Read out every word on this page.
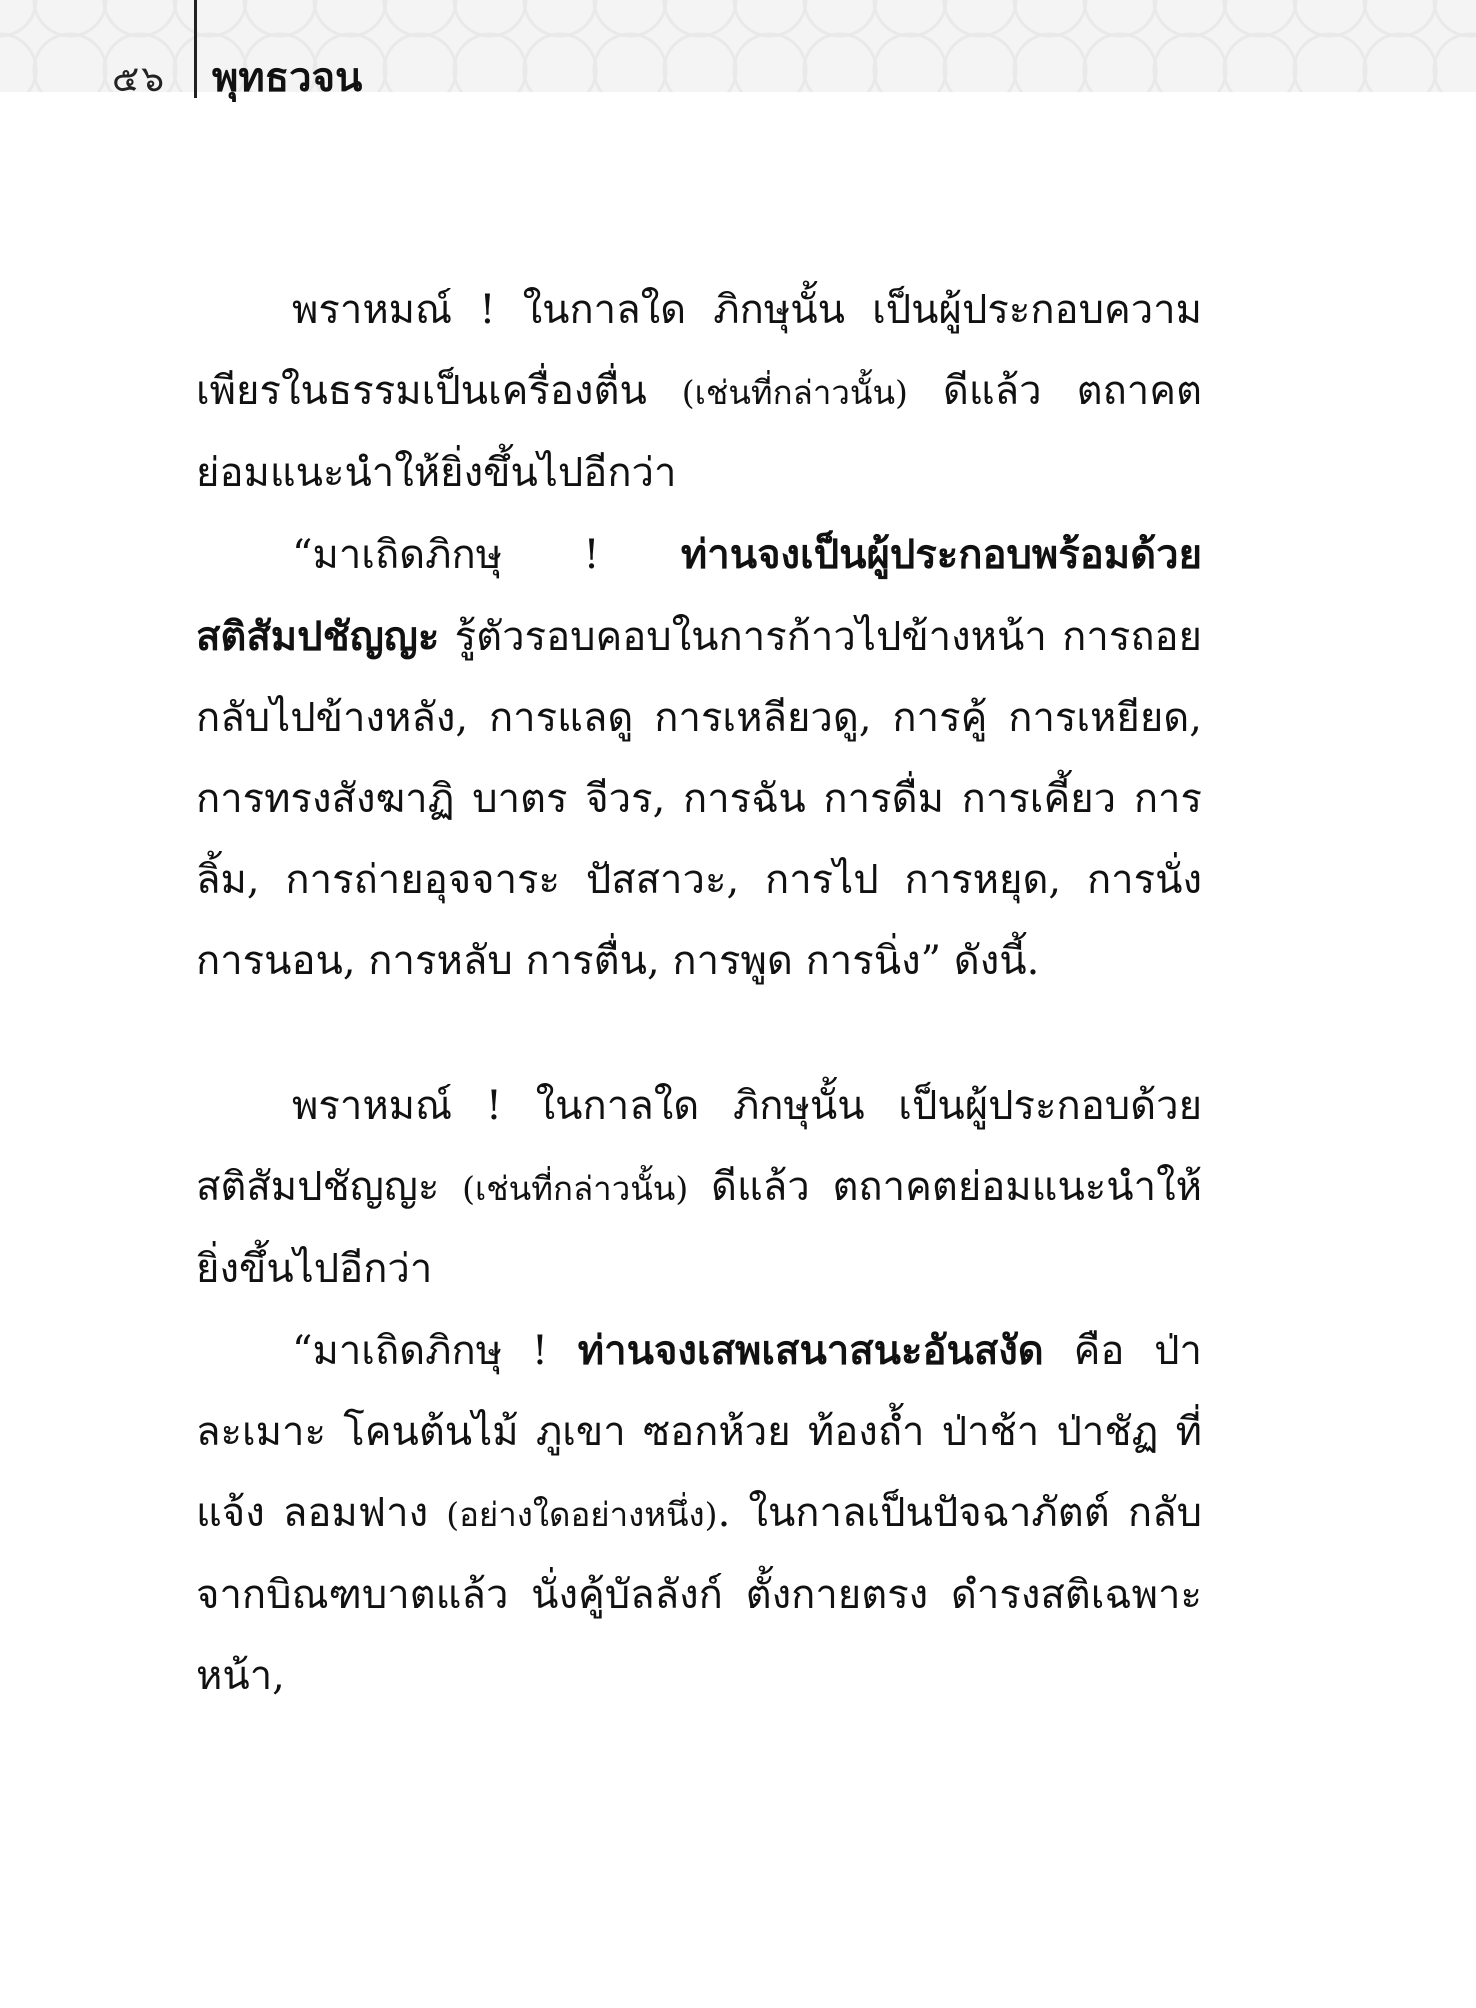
๕๖ พุทธวจน

พราหมณ์ ! ในกาลใด ภิกษุนั้น เป็นผู้ประกอบความเพียรในธรรมเป็นเครื่องตื่น (เช่นที่กล่าวนั้น) ดีแล้ว ตถาคตย่อมแนะนำให้ยิ่งขึ้นไปอีกว่า

“มาเถิดภิกษุ ! ท่านจงเป็นผู้ประกอบพร้อมด้วยสติสัมปชัญญะ รู้ตัวรอบคอบในการก้าวไปข้างหน้า การถอยกลับไปข้างหลัง, การแลดู การเหลียวดู, การคู้ การเหยียด, การทรงสังฆาฏิ บาตร จีวร, การฉัน การดื่ม การเคี้ยว การลิ้ม, การถ่ายอุจจาระ ปัสสาวะ, การไป การหยุด, การนั่ง การนอน, การหลับ การตื่น, การพูด การนิ่ง” ดังนี้.

พราหมณ์ ! ในกาลใด ภิกษุนั้น เป็นผู้ประกอบด้วยสติสัมปชัญญะ (เช่นที่กล่าวนั้น) ดีแล้ว ตถาคตย่อมแนะนำให้ยิ่งขึ้นไปอีกว่า

“มาเถิดภิกษุ ! ท่านจงเสพเสนาสนะอันสงัด คือ ป่าละเมาะ โคนต้นไม้ ภูเขา ซอกห้วย ท้องถ้ำ ป่าช้า ป่าชัฏ ที่แจ้ง ลอมฟาง (อย่างใดอย่างหนึ่ง). ในกาลเป็นปัจฉาภัตต์ กลับจากบิณฑบาตแล้ว นั่งคู้บัลลังก์ ตั้งกายตรง ดำรงสติเฉพาะหน้า,
